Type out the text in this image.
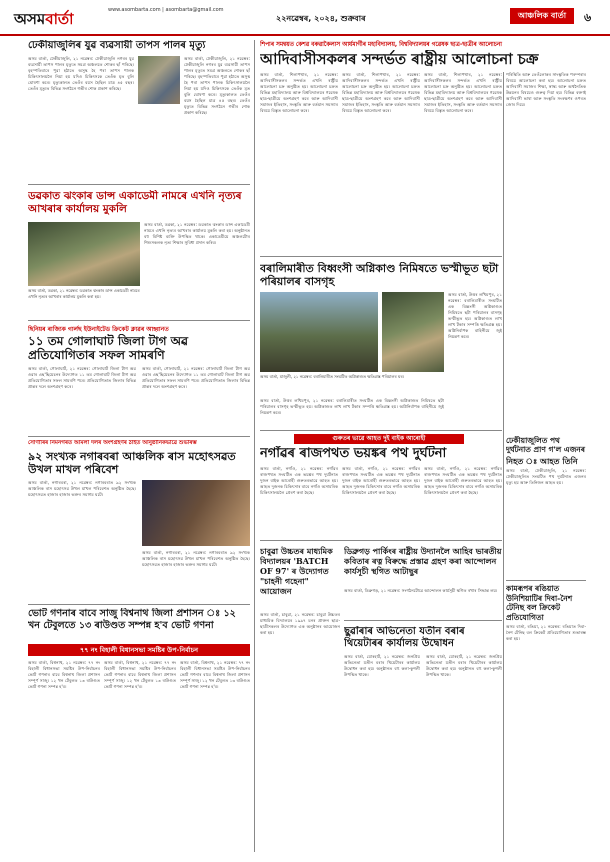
অসমবাৰ্তা	www.asombarta.com | asombarta@gmail.com
২২নৱেম্বৰ, ২০২৪, শুক্ৰবাৰ	আঞ্চলিক বাৰ্তা	৬
ঢেকীয়াজুলিৰ যুৱ ব্যৱসায়ী তাপস পালৰ মৃত্যু
অসম বাৰ্তা, ঢেকীয়াজুলি, ২১ নৱেম্বৰ: ঢেকীয়াজুলি নগৰৰ যুৱ ব্যৱসায়ী তাপস পালৰ মৃত্যুত সমগ্ৰ অঞ্চলতে শোকৰ ছাঁ পৰিছে। বৃহস্পতিবাৰে পুৱা হঠাতে অসুস্থ হৈ পৰা তাপস পালক চিকিৎসালয়লৈ নিয়া হয় যদিও চিকিৎসকে তেওঁক মৃত বুলি ঘোষণা কৰে। মৃত্যুকালত তেওঁৰ বয়স হৈছিল মাত্ৰ ৪৫ বছৰ। তেওঁৰ মৃত্যুত বিভিন্ন সংগঠনে গভীৰ শোক প্ৰকাশ কৰিছে।
অসম বাৰ্তা, ঢেকীয়াজুলি, ২১ নৱেম্বৰ: ঢেকীয়াজুলি নগৰৰ যুৱ ব্যৱসায়ী তাপস পালৰ মৃত্যুত সমগ্ৰ অঞ্চলতে শোকৰ ছাঁ পৰিছে। বৃহস্পতিবাৰে পুৱা হঠাতে অসুস্থ হৈ পৰা তাপস পালক চিকিৎসালয়লৈ নিয়া হয় যদিও চিকিৎসকে তেওঁক মৃত বুলি ঘোষণা কৰে। মৃত্যুকালত তেওঁৰ বয়স হৈছিল মাত্ৰ ৪৫ বছৰ। তেওঁৰ মৃত্যুত বিভিন্ন সংগঠনে গভীৰ শোক প্ৰকাশ কৰিছে।
ডৱকাত ঝংকাৰ ডান্স একাডেমী নামৰে এখনি নৃত্যৰ আখৰাৰ কাৰ্যালয় মুকলি
অসম বাৰ্তা, ডৱকা, ২১ নৱেম্বৰ: ডৱকাত ঝংকাৰ ডান্স একাডেমী নামৰে এখনি নৃত্যৰ আখৰাৰ কাৰ্যালয় মুকলি কৰা হয়।
অসম বাৰ্তা, ডৱকা, ২১ নৱেম্বৰ: ডৱকাত ঝংকাৰ ডান্স একাডেমী নামৰে এখনি নৃত্যৰ আখৰাৰ কাৰ্যালয় মুকলি কৰা হয়। অনুষ্ঠানত বহু বিশিষ্ট ব্যক্তি উপস্থিত থাকে। একাডেমীয়ে অঞ্চলটোৰ শিশুসকলক নৃত্য শিক্ষাৰ সুবিধা প্ৰদান কৰিব।
ছিনিয়ৰ ৰাজ্যিক গাৰ্লছ ইউনাইটেড ক্ৰিকেট ক্লাৱৰ আহ্বানত
১১ তম গোলাঘাট জিলা টাগ অৱ প্ৰতিযোগিতাৰ সফল সামৰণি
অসম বাৰ্তা, গোলাঘাট, ২১ নৱেম্বৰ: গোলাঘাট জিলা টাগ অৱ ওৱাৰ এছ'ছিয়েচনৰ উদ্যোগত ১১ তম গোলাঘাট জিলা টাগ অৱ প্ৰতিযোগিতাৰ সফল সামৰণি পৰে। প্ৰতিযোগিতাত জিলাৰ বিভিন্ন প্ৰান্তৰ দলে অংশগ্ৰহণ কৰে।
অসম বাৰ্তা, গোলাঘাট, ২১ নৱেম্বৰ: গোলাঘাট জিলা টাগ অৱ ওৱাৰ এছ'ছিয়েচনৰ উদ্যোগত ১১ তম গোলাঘাট জিলা টাগ অৱ প্ৰতিযোগিতাৰ সফল সামৰণি পৰে। প্ৰতিযোগিতাত জিলাৰ বিভিন্ন প্ৰান্তৰ দলে অংশগ্ৰহণ কৰে।
সোণাৰিৰ নিমনগৰত আমলা দলৰ অংশগ্ৰহণৰ ঠাইত আনুষ্ঠানিকভাৱে শুভাৰম্ভ
৯২ সংখ্যক নগাৰবৰা আঞ্চলিক ৰাস মহোৎসৱত উখল মাখল পৰিবেশ
অসম বাৰ্তা, নগাৰবৰা, ২১ নৱেম্বৰ: নগাৰবৰাত ৯২ সংখ্যক আঞ্চলিক ৰাস মহোৎসৱ উখল মাখল পৰিবেশত অনুষ্ঠিত হৈছে। মহোৎসৱত হাজাৰ হাজাৰ ভক্তৰ সমাগম ঘটে।
অসম বাৰ্তা, নগাৰবৰা, ২১ নৱেম্বৰ: নগাৰবৰাত ৯২ সংখ্যক আঞ্চলিক ৰাস মহোৎসৱ উখল মাখল পৰিবেশত অনুষ্ঠিত হৈছে। মহোৎসৱত হাজাৰ হাজাৰ ভক্তৰ সমাগম ঘটে।
ভোট গণনাৰ বাবে সাজু বিশ্বনাথ জিলা প্ৰশাসন ঃ ১২ খন টেবুলতে ১৩ ৰাউণ্ডত সম্পন্ন হ'ব ভোট গণনা
৭৭ নং বিহালী বিধানসভা সমষ্টিৰ উপ-নিৰ্বাচন
অসম বাৰ্তা, বিশ্বনাথ, ২১ নৱেম্বৰ: ৭৭ নং বিহালী বিধানসভা সমষ্টিৰ উপ-নিৰ্বাচনৰ ভোট গণনাৰ বাবে বিশ্বনাথ জিলা প্ৰশাসন সম্পূৰ্ণ সাজু। ১২ খন টেবুলত ১৩ ৰাউণ্ডত ভোট গণনা সম্পন্ন হ'ব।
অসম বাৰ্তা, বিশ্বনাথ, ২১ নৱেম্বৰ: ৭৭ নং বিহালী বিধানসভা সমষ্টিৰ উপ-নিৰ্বাচনৰ ভোট গণনাৰ বাবে বিশ্বনাথ জিলা প্ৰশাসন সম্পূৰ্ণ সাজু। ১২ খন টেবুলত ১৩ ৰাউণ্ডত ভোট গণনা সম্পন্ন হ'ব।
অসম বাৰ্তা, বিশ্বনাথ, ২১ নৱেম্বৰ: ৭৭ নং বিহালী বিধানসভা সমষ্টিৰ উপ-নিৰ্বাচনৰ ভোট গণনাৰ বাবে বিশ্বনাথ জিলা প্ৰশাসন সম্পূৰ্ণ সাজু। ১২ খন টেবুলত ১৩ ৰাউণ্ডত ভোট গণনা সম্পন্ন হ'ব।
শিপাৰ সমন্বয়ত কেশৱ বৰুৱাকৈলাস আৰ্যমাৰ্গীৰ মহাবিদ্যালয়, বিশ্ববিদ্যালয়ৰ গৱেষক ছাত্ৰ-ছাত্ৰীৰ আলোচনা
আদিবাসীসকলৰ সন্দৰ্ভত ৰাষ্ট্ৰীয় আলোচনা চক্ৰ
অসম বাৰ্তা, শিলাপথাৰ, ২১ নৱেম্বৰ: আদিবাসীসকলৰ সন্দৰ্ভত এখনি ৰাষ্ট্ৰীয় আলোচনা চক্ৰ অনুষ্ঠিত হয়। আলোচনা চক্ৰত বিভিন্ন মহাবিদ্যালয় আৰু বিশ্ববিদ্যালয়ৰ গৱেষক ছাত্ৰ-ছাত্ৰীয়ে অংশগ্ৰহণ কৰে আৰু আদিবাসী সমাজৰ ইতিহাস, সংস্কৃতি আৰু বৰ্তমান সমস্যাৰ বিষয়ে বিস্তৃত আলোচনা কৰে।
অসম বাৰ্তা, শিলাপথাৰ, ২১ নৱেম্বৰ: আদিবাসীসকলৰ সন্দৰ্ভত এখনি ৰাষ্ট্ৰীয় আলোচনা চক্ৰ অনুষ্ঠিত হয়। আলোচনা চক্ৰত বিভিন্ন মহাবিদ্যালয় আৰু বিশ্ববিদ্যালয়ৰ গৱেষক ছাত্ৰ-ছাত্ৰীয়ে অংশগ্ৰহণ কৰে আৰু আদিবাসী সমাজৰ ইতিহাস, সংস্কৃতি আৰু বৰ্তমান সমস্যাৰ বিষয়ে বিস্তৃত আলোচনা কৰে।
অসম বাৰ্তা, শিলাপথাৰ, ২১ নৱেম্বৰ: আদিবাসীসকলৰ সন্দৰ্ভত এখনি ৰাষ্ট্ৰীয় আলোচনা চক্ৰ অনুষ্ঠিত হয়। আলোচনা চক্ৰত বিভিন্ন মহাবিদ্যালয় আৰু বিশ্ববিদ্যালয়ৰ গৱেষক ছাত্ৰ-ছাত্ৰীয়ে অংশগ্ৰহণ কৰে আৰু আদিবাসী সমাজৰ ইতিহাস, সংস্কৃতি আৰু বৰ্তমান সমস্যাৰ বিষয়ে বিস্তৃত আলোচনা কৰে।
পৰিস্থিতি আৰু তেওঁলোকৰ সাংস্কৃতিক পৰম্পৰাৰ বিষয়ে আলোচনা কৰা হয়। আলোচনা চক্ৰত আদিবাসী সমাজৰ শিক্ষা, স্বাস্থ্য আৰু অৰ্থনৈতিক উন্নয়নৰ বিষয়েও গুৰুত্ব দিয়া হয়। বিভিন্ন বক্তাই আদিবাসী ভাষা আৰু সংস্কৃতি সংৰক্ষণৰ ওপৰত জোৰ দিয়ে।
বৰালিমাৰীত বিধ্বংসী অগ্নিকাণ্ড নিমিষতে ভস্মীভূত ছটা পৰিয়ালৰ বাসগৃহ
অসম বাৰ্তা, উত্তৰ লখিমপুৰ, ২১ নৱেম্বৰ: বৰালিমাৰীত সংঘটিত এক বিধ্বংসী অগ্নিকাণ্ডত নিমিষতে ছটা পৰিয়ালৰ বাসগৃহ ভস্মীভূত হয়। অগ্নিকাণ্ডত লাখ লাখ টকাৰ সম্পত্তি ক্ষতিগ্ৰস্ত হয়। অগ্নিনিৰ্বাপক বাহিনীয়ে জুই নিয়ন্ত্ৰণ কৰে।
অসম বাৰ্তা, মাজুলী, ২১ নৱেম্বৰ: বৰালিমাৰীত সংঘটিত অগ্নিকাণ্ডত ক্ষতিগ্ৰস্ত পৰিয়ালৰ ঘৰ।
অসম বাৰ্তা, উত্তৰ লখিমপুৰ, ২১ নৱেম্বৰ: বৰালিমাৰীত সংঘটিত এক বিধ্বংসী অগ্নিকাণ্ডত নিমিষতে ছটা পৰিয়ালৰ বাসগৃহ ভস্মীভূত হয়। অগ্নিকাণ্ডত লাখ লাখ টকাৰ সম্পত্তি ক্ষতিগ্ৰস্ত হয়। অগ্নিনিৰ্বাপক বাহিনীয়ে জুই নিয়ন্ত্ৰণ কৰে।
গুৰুতৰ ভাৱে আহত দুই বাইক আৰোহী
নগাঁৱৰ ৰাজপথত ভয়ঙ্কৰ পথ দুৰ্ঘটনা
অসম বাৰ্তা, নগাঁও, ২১ নৱেম্বৰ: নগাঁৱৰ ৰাজপথত সংঘটিত এক ভয়ঙ্কৰ পথ দুৰ্ঘটনাত দুজন বাইক আৰোহী গুৰুতৰভাৱে আহত হয়। আহত দুজনক চিকিৎসাৰ বাবে নগাঁও অসামৰিক চিকিৎসালয়লৈ প্ৰেৰণ কৰা হৈছে।
অসম বাৰ্তা, নগাঁও, ২১ নৱেম্বৰ: নগাঁৱৰ ৰাজপথত সংঘটিত এক ভয়ঙ্কৰ পথ দুৰ্ঘটনাত দুজন বাইক আৰোহী গুৰুতৰভাৱে আহত হয়। আহত দুজনক চিকিৎসাৰ বাবে নগাঁও অসামৰিক চিকিৎসালয়লৈ প্ৰেৰণ কৰা হৈছে।
অসম বাৰ্তা, নগাঁও, ২১ নৱেম্বৰ: নগাঁৱৰ ৰাজপথত সংঘটিত এক ভয়ঙ্কৰ পথ দুৰ্ঘটনাত দুজন বাইক আৰোহী গুৰুতৰভাৱে আহত হয়। আহত দুজনক চিকিৎসাৰ বাবে নগাঁও অসামৰিক চিকিৎসালয়লৈ প্ৰেৰণ কৰা হৈছে।
ঢেকীয়াজুলিত পথ দুৰ্ঘটনাত প্ৰাণ গ'ল এজনৰ
নিহত ঃ আহত তিনি
অসম বাৰ্তা, ঢেকীয়াজুলি, ২১ নৱেম্বৰ: ঢেকীয়াজুলিত সংঘটিত পথ দুৰ্ঘটনাত এজনৰ মৃত্যু হয় আৰু তিনিজন আহত হয়।
কামৰূপৰ ৰঙিয়াত উনিশিয়াটিৰ দিবা-নৈশ টেনিছ বল ক্ৰিকেট প্ৰতিযোগিতা
অসম বাৰ্তা, ৰঙিয়া, ২১ নৱেম্বৰ: ৰঙিয়াত দিবা-নৈশ টেনিছ বল ক্ৰিকেট প্ৰতিযোগিতাৰ শুভাৰম্ভ কৰা হয়।
চাবুৱা উচ্চতৰ মাধ্যমিক বিদ্যালয়ৰ 'BATCH OF 97' ৰ উদ্যোগত "চাহনী গহেনা" আয়োজন
অসম বাৰ্তা, চাবুৱা, ২১ নৱেম্বৰ: চাবুৱা উচ্চতৰ মাধ্যমিক বিদ্যালয়ৰ ১৯৯৭ চনৰ প্ৰাক্তন ছাত্ৰ-ছাত্ৰীসকলৰ উদ্যোগত এক অনুষ্ঠানৰ আয়োজন কৰা হয়।
ডিব্ৰুগড় পাৰ্কিংৰ ৰাষ্ট্ৰীয় উদ্যানলৈ আহিব ভাৰতীয় কবিতাৰ ৰত্ন বিৰুদ্ধে প্ৰস্তাৱ গ্ৰহণ কৰা আন্দোলন কাৰ্যসূচী স্থগিত আটাছুৰ
অসম বাৰ্তা, ডিব্ৰুগড়, ২১ নৱেম্বৰ: সংগঠনটোৱে আন্দোলন কাৰ্যসূচী স্থগিত ৰখাৰ সিদ্ধান্ত লয়।
ছুৱাঁৰাৰ অভিনেতা যতীন বৰাৰ থিয়েটাৰৰ কাৰ্যালয় উদ্বোধন
অসম বাৰ্তা, যোৰহাট, ২১ নৱেম্বৰ: জনপ্ৰিয় অভিনেতা যতীন বৰাৰ থিয়েটাৰৰ কাৰ্যালয় উদ্বোধন কৰা হয়। অনুষ্ঠানত বহু কলা-কুশলী উপস্থিত থাকে।
অসম বাৰ্তা, যোৰহাট, ২১ নৱেম্বৰ: জনপ্ৰিয় অভিনেতা যতীন বৰাৰ থিয়েটাৰৰ কাৰ্যালয় উদ্বোধন কৰা হয়। অনুষ্ঠানত বহু কলা-কুশলী উপস্থিত থাকে।
